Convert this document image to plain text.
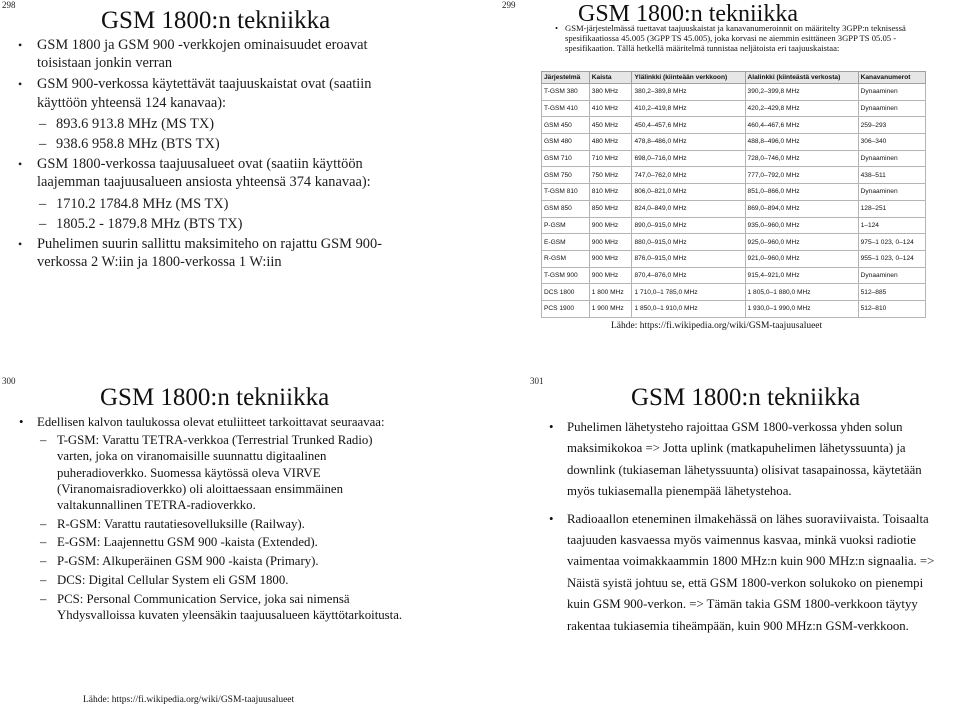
298
GSM 1800:n tekniikka
• GSM 1800 ja GSM 900 -verkkojen ominaisuudet eroavat toisistaan jonkin verran
• GSM 900-verkossa käytettävät taajuuskaistat ovat (saatiin käyttöön yhteensä 124 kanavaa):
– 893.6 913.8 MHz (MS TX)
– 938.6 958.8 MHz (BTS TX)
• GSM 1800-verkossa taajuusalueet ovat (saatiin käyttöön laajemman taajuusalueen ansiosta yhteensä 374 kanavaa):
– 1710.2 1784.8 MHz (MS TX)
– 1805.2 - 1879.8 MHz (BTS TX)
• Puhelimen suurin sallittu maksimiteho on rajattu GSM 900-verkossa 2 W:iin ja 1800-verkossa 1 W:iin
299	GSM 1800:n tekniikka
• GSM-järjestelmässä tuettavat taajuuskaistat ja kanavanumeroinnit on määritelty 3GPP:n teknisessä spesifikaatiossa 45.005 (3GPP TS 45.005), joka korvasi ne aiemmin esittäneen 3GPP TS 05.05 -spesifikaation. Tällä hetkellä määritelmä tunnistaa neljätoista eri taajuuskaistaa:
Järjestelmä	Kaista	Ylälinkki (kiinteään verkkoon)	Alalinkki (kiinteästä verkosta)	Kanavanumerot
T-GSM 380	380 MHz	380,2–389,8 MHz	390,2–399,8 MHz	Dynaaminen
T-GSM 410	410 MHz	410,2–419,8 MHz	420,2–429,8 MHz	Dynaaminen
GSM 450	450 MHz	450,4–457,6 MHz	460,4–467,6 MHz	259–293
GSM 480	480 MHz	478,8–486,0 MHz	488,8–496,0 MHz	306–340
GSM 710	710 MHz	698,0–716,0 MHz	728,0–746,0 MHz	Dynaaminen
GSM 750	750 MHz	747,0–762,0 MHz	777,0–792,0 MHz	438–511
T-GSM 810	810 MHz	806,0–821,0 MHz	851,0–866,0 MHz	Dynaaminen
GSM 850	850 MHz	824,0–849,0 MHz	869,0–894,0 MHz	128–251
P-GSM	900 MHz	890,0–915,0 MHz	935,0–960,0 MHz	1–124
E-GSM	900 MHz	880,0–915,0 MHz	925,0–960,0 MHz	975–1 023, 0–124
R-GSM	900 MHz	876,0–915,0 MHz	921,0–960,0 MHz	955–1 023, 0–124
T-GSM 900	900 MHz	870,4–876,0 MHz	915,4–921,0 MHz	Dynaaminen
DCS 1800	1 800 MHz	1 710,0–1 785,0 MHz	1 805,0–1 880,0 MHz	512–885
PCS 1900	1 900 MHz	1 850,0–1 910,0 MHz	1 930,0–1 990,0 MHz	512–810
Lähde: https://fi.wikipedia.org/wiki/GSM-taajuusalueet
300
GSM 1800:n tekniikka
• Edellisen kalvon taulukossa olevat etuliitteet tarkoittavat seuraavaa:
– T-GSM: Varattu TETRA-verkkoa (Terrestrial Trunked Radio) varten, joka on viranomaisille suunnattu digitaalinen puheradioverkko. Suomessa käytössä oleva VIRVE (Viranomaisradioverkko) oli aloittaessaan ensimmäinen valtakunnallinen TETRA-radioverkko.
– R-GSM: Varattu rautatiesovelluksille (Railway).
– E-GSM: Laajennettu GSM 900 -kaista (Extended).
– P-GSM: Alkuperäinen GSM 900 -kaista (Primary).
– DCS: Digital Cellular System eli GSM 1800.
– PCS: Personal Communication Service, joka sai nimensä Yhdysvalloissa kuvaten yleensäkin taajuusalueen käyttötarkoitusta.
Lähde: https://fi.wikipedia.org/wiki/GSM-taajuusalueet
301
GSM 1800:n tekniikka
• Puhelimen lähetysteho rajoittaa GSM 1800-verkossa yhden solun maksimikokoa => Jotta uplink (matkapuhelimen lähetyssuunta) ja downlink (tukiaseman lähetyssuunta) olisivat tasapainossa, käytetään myös tukiasemalla pienempää lähetystehoa.
• Radioaallon eteneminen ilmakehässä on lähes suoraviivaista. Toisaalta taajuuden kasvaessa myös vaimennus kasvaa, minkä vuoksi radiotie vaimentaa voimakkaammin 1800 MHz:n kuin 900 MHz:n signaalia. => Näistä syistä johtuu se, että GSM 1800-verkon solukoko on pienempi kuin GSM 900-verkon. => Tämän takia GSM 1800-verkkoon täytyy rakentaa tukiasemia tiheämpään, kuin 900 MHz:n GSM-verkkoon.
